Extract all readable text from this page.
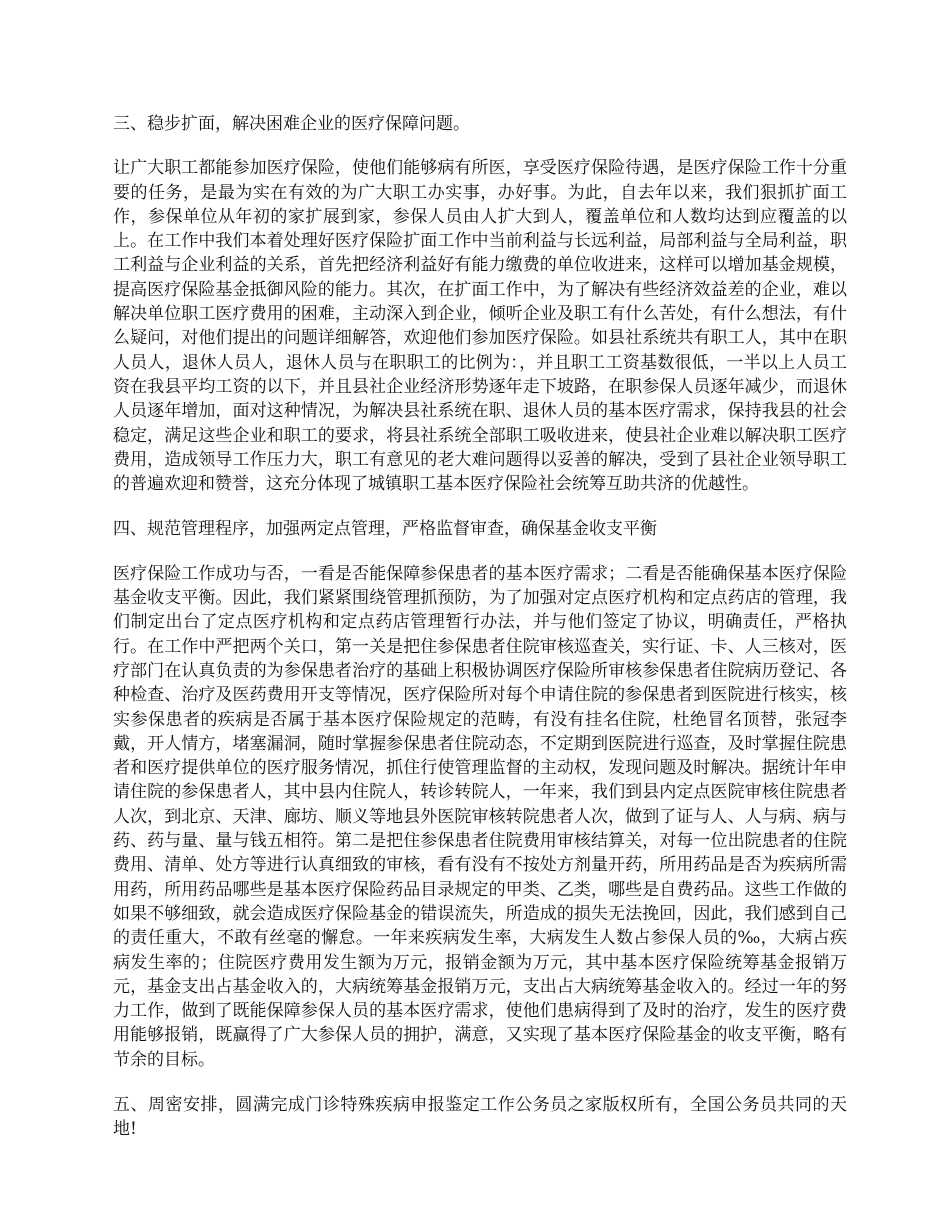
三、稳步扩面，解决困难企业的医疗保障问题。

让广大职工都能参加医疗保险，使他们能够病有所医，享受医疗保险待遇，是医疗保险工作十分重要的任务，是最为实在有效的为广大职工办实事，办好事。为此，自去年以来，我们狠抓扩面工作，参保单位从年初的家扩展到家，参保人员由人扩大到人，覆盖单位和人数均达到应覆盖的以上。在工作中我们本着处理好医疗保险扩面工作中当前利益与长远利益，局部利益与全局利益，职工利益与企业利益的关系，首先把经济利益好有能力缴费的单位收进来，这样可以增加基金规模，提高医疗保险基金抵御风险的能力。其次，在扩面工作中，为了解决有些经济效益差的企业，难以解决单位职工医疗费用的困难，主动深入到企业，倾听企业及职工有什么苦处，有什么想法，有什么疑问，对他们提出的问题详细解答，欢迎他们参加医疗保险。如县社系统共有职工人，其中在职人员人，退休人员人，退休人员与在职职工的比例为：，并且职工工资基数很低，一半以上人员工资在我县平均工资的以下，并且县社企业经济形势逐年走下坡路，在职参保人员逐年减少，而退休人员逐年增加，面对这种情况，为解决县社系统在职、退休人员的基本医疗需求，保持我县的社会稳定，满足这些企业和职工的要求，将县社系统全部职工吸收进来，使县社企业难以解决职工医疗费用，造成领导工作压力大，职工有意见的老大难问题得以妥善的解决，受到了县社企业领导职工的普遍欢迎和赞誉，这充分体现了城镇职工基本医疗保险社会统筹互助共济的优越性。

四、规范管理程序，加强两定点管理，严格监督审查，确保基金收支平衡

医疗保险工作成功与否，一看是否能保障参保患者的基本医疗需求；二看是否能确保基本医疗保险基金收支平衡。因此，我们紧紧围绕管理抓预防，为了加强对定点医疗机构和定点药店的管理，我们制定出台了定点医疗机构和定点药店管理暂行办法，并与他们签定了协议，明确责任，严格执行。在工作中严把两个关口，第一关是把住参保患者住院审核巡查关，实行证、卡、人三核对，医疗部门在认真负责的为参保患者治疗的基础上积极协调医疗保险所审核参保患者住院病历登记、各种检查、治疗及医药费用开支等情况，医疗保险所对每个申请住院的参保患者到医院进行核实，核实参保患者的疾病是否属于基本医疗保险规定的范畴，有没有挂名住院，杜绝冒名顶替，张冠李戴，开人情方，堵塞漏洞，随时掌握参保患者住院动态，不定期到医院进行巡查，及时掌握住院患者和医疗提供单位的医疗服务情况，抓住行使管理监督的主动权，发现问题及时解决。据统计年申请住院的参保患者人，其中县内住院人，转诊转院人，一年来，我们到县内定点医院审核住院患者人次，到北京、天津、廊坊、顺义等地县外医院审核转院患者人次，做到了证与人、人与病、病与药、药与量、量与钱五相符。第二是把住参保患者住院费用审核结算关，对每一位出院患者的住院费用、清单、处方等进行认真细致的审核，看有没有不按处方剂量开药，所用药品是否为疾病所需用药，所用药品哪些是基本医疗保险药品目录规定的甲类、乙类，哪些是自费药品。这些工作做的如果不够细致，就会造成医疗保险基金的错误流失，所造成的损失无法挽回，因此，我们感到自己的责任重大，不敢有丝毫的懈怠。一年来疾病发生率，大病发生人数占参保人员的‰，大病占疾病发生率的；住院医疗费用发生额为万元，报销金额为万元，其中基本医疗保险统筹基金报销万元，基金支出占基金收入的，大病统筹基金报销万元，支出占大病统筹基金收入的。经过一年的努力工作，做到了既能保障参保人员的基本医疗需求，使他们患病得到了及时的治疗，发生的医疗费用能够报销，既赢得了广大参保人员的拥护，满意，又实现了基本医疗保险基金的收支平衡，略有节余的目标。

五、周密安排，圆满完成门诊特殊疾病申报鉴定工作公务员之家版权所有，全国公务员共同的天地!
